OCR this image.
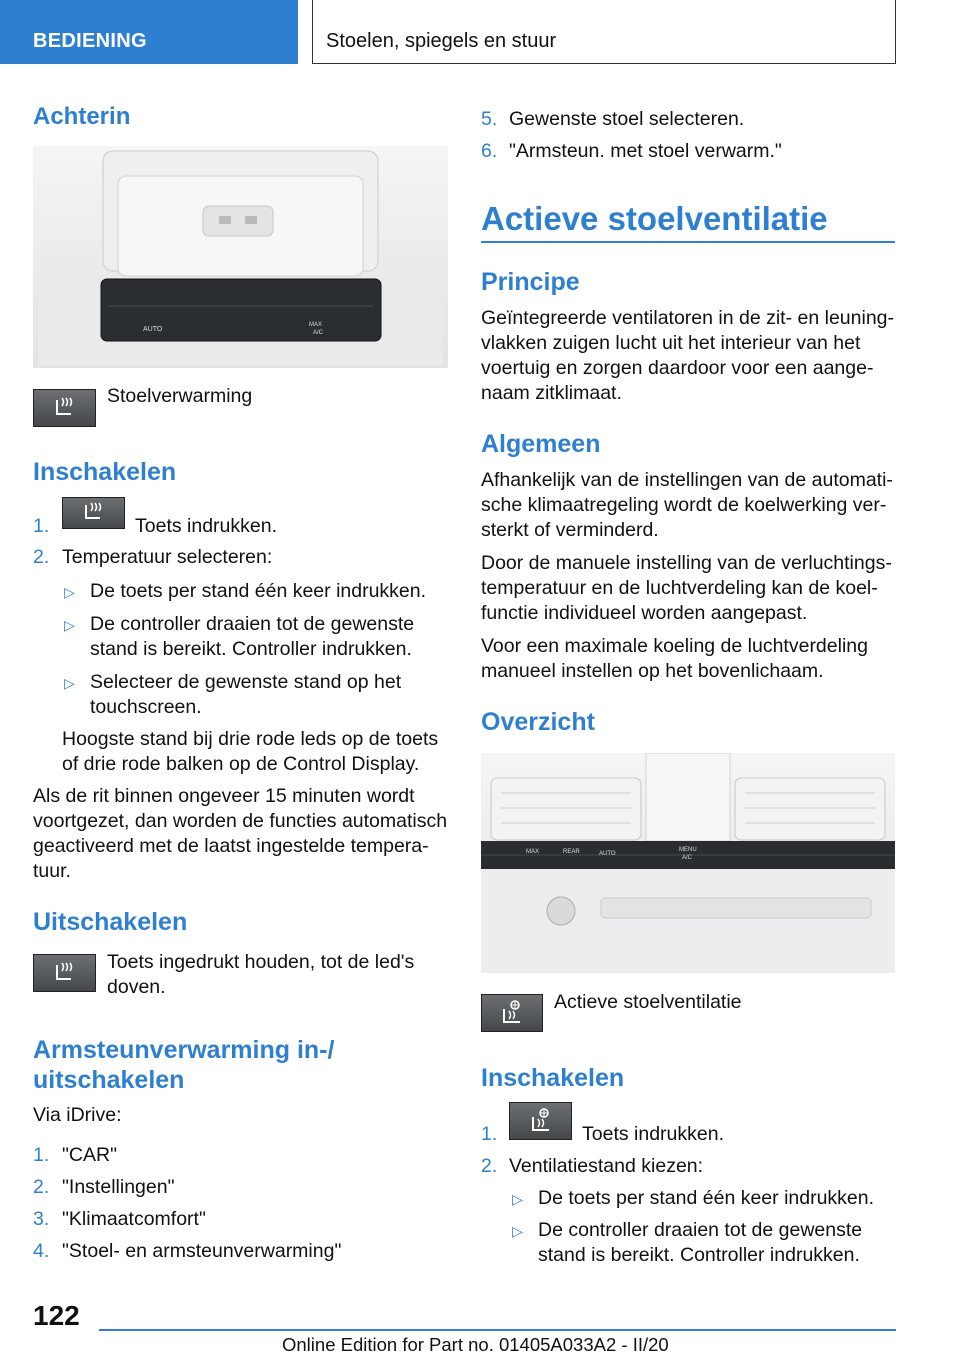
BEDIENING	Stoelen, spiegels en stuur
Achterin
AUTO
MAX
A/C
Stoelverwarming
Inschakelen
1.	Toets indrukken.
2. Temperatuur selecteren:
▷ De toets per stand één keer indrukken.
▷ De controller draaien tot de gewenste
stand is bereikt. Controller indrukken.
▷ Selecteer de gewenste stand op het
touchscreen.
Hoogste stand bij drie rode leds op de toets
of drie rode balken op de Control Display.
Als de rit binnen ongeveer 15 minuten wordt
voortgezet, dan worden de functies automatisch
geactiveerd met de laatst ingestelde tempera-
tuur.
Uitschakelen
Toets ingedrukt houden, tot de led's
doven.
Armsteunverwarming in-/
uitschakelen
Via iDrive:
1. "CAR"
2. "Instellingen"
3. "Klimaatcomfort"
4. "Stoel- en armsteunverwarming"
5. Gewenste stoel selecteren.
6. "Armsteun. met stoel verwarm."
Actieve stoelventilatie
Principe
Geïntegreerde ventilatoren in de zit- en leuning-
vlakken zuigen lucht uit het interieur van het
voertuig en zorgen daardoor voor een aange-
naam zitklimaat.
Algemeen
Afhankelijk van de instellingen van de automati-
sche klimaatregeling wordt de koelwerking ver-
sterkt of verminderd.
Door de manuele instelling van de verluchtings-
temperatuur en de luchtverdeling kan de koel-
functie individueel worden aangepast.
Voor een maximale koeling de luchtverdeling
manueel instellen op het bovenlichaam.
Overzicht
MAX	REAR	AUTO
MENU
A/C
Actieve stoelventilatie
Inschakelen
1.	Toets indrukken.
2. Ventilatiestand kiezen:
▷ De toets per stand één keer indrukken.
▷ De controller draaien tot de gewenste
stand is bereikt. Controller indrukken.
122
Online Edition for Part no. 01405A033A2 - II/20
